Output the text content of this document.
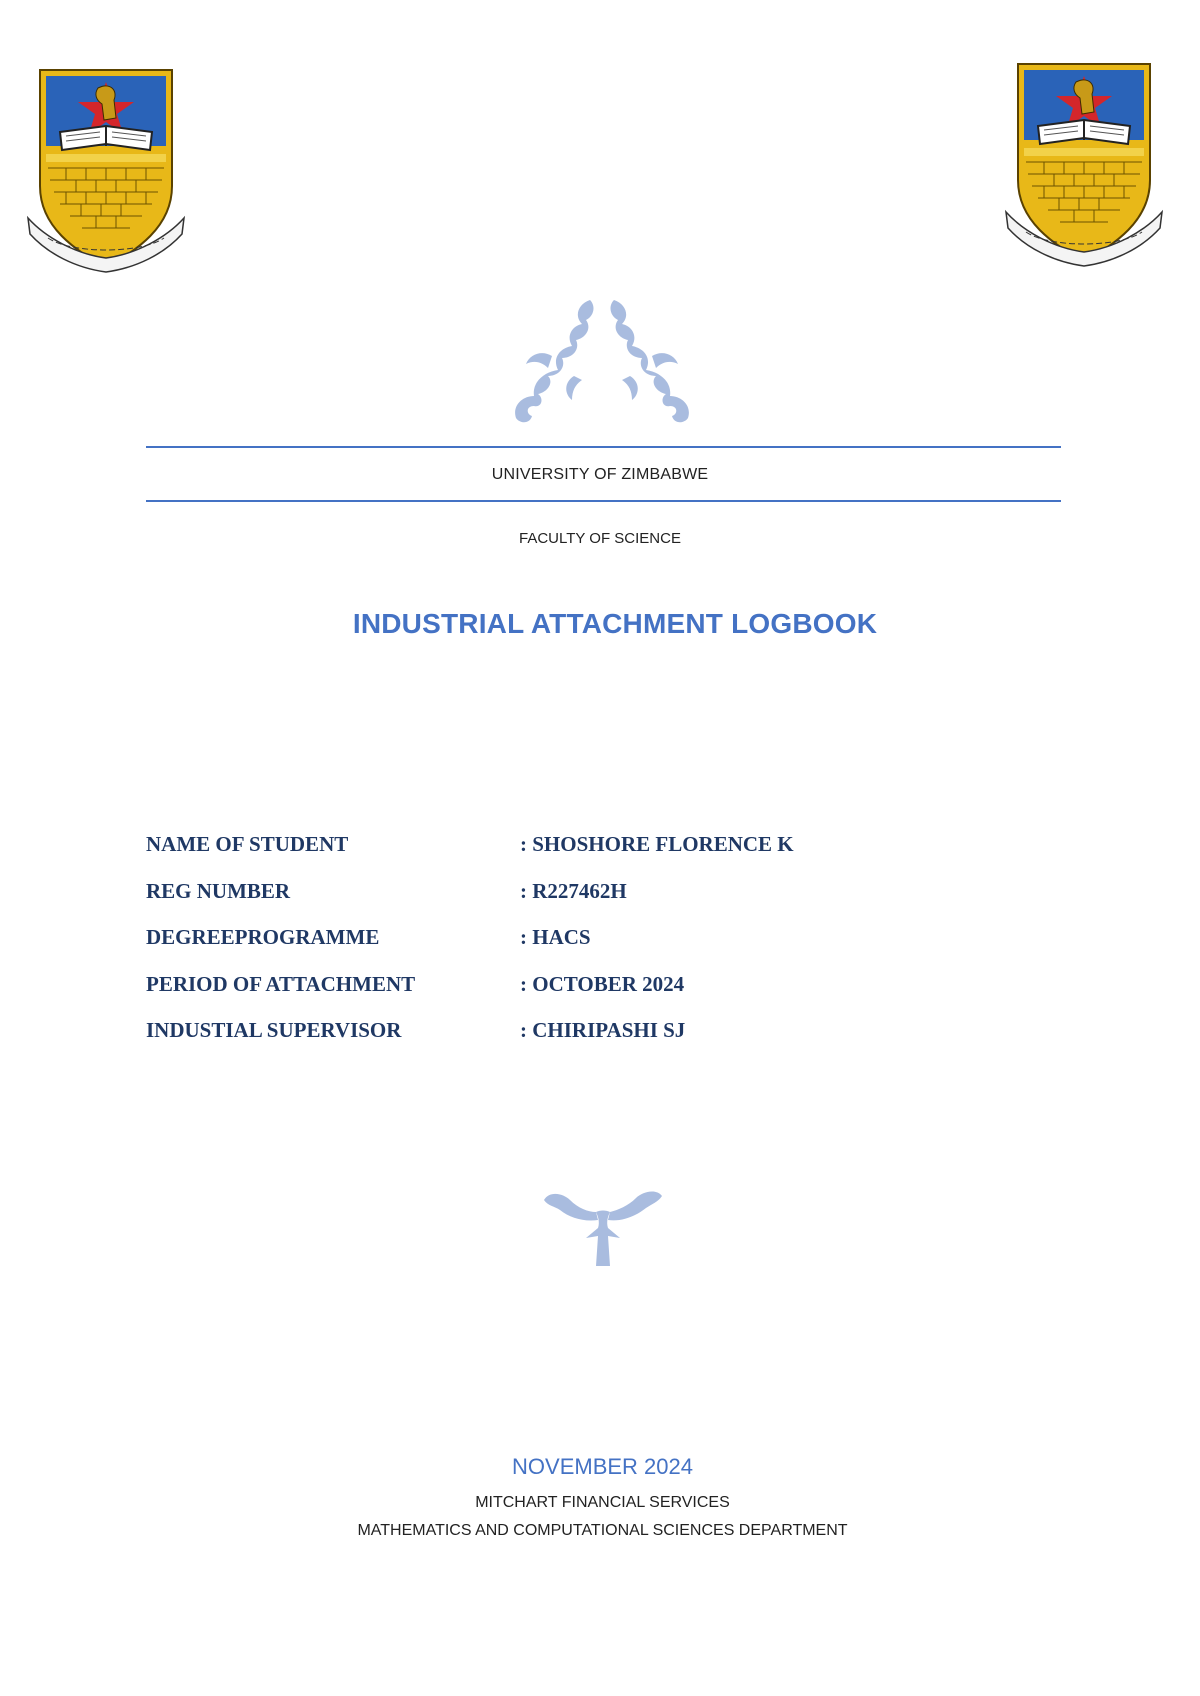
UNIVERSITY OF ZIMBABWE
FACULTY OF SCIENCE
INDUSTRIAL ATTACHMENT LOGBOOK
NAME OF STUDENT	: SHOSHORE FLORENCE K
REG NUMBER	: R227462H
DEGREEPROGRAMME	: HACS
PERIOD OF ATTACHMENT	: OCTOBER 2024
INDUSTIAL SUPERVISOR	: CHIRIPASHI SJ
NOVEMBER 2024
MITCHART FINANCIAL SERVICES
MATHEMATICS AND COMPUTATIONAL SCIENCES DEPARTMENT
